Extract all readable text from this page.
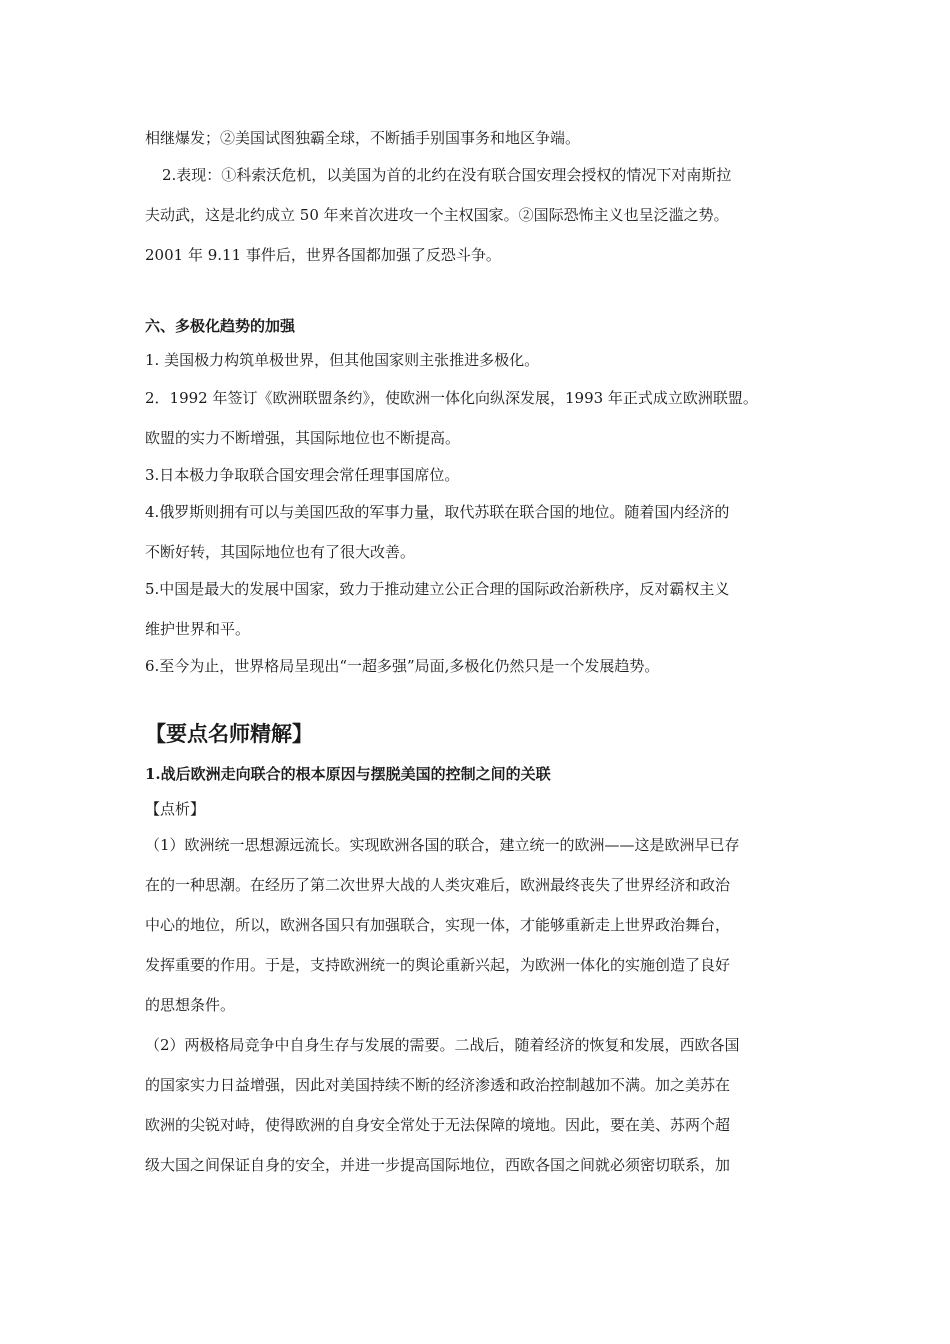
相继爆发；②美国试图独霸全球，不断插手别国事务和地区争端。
2.表现：①科索沃危机，以美国为首的北约在没有联合国安理会授权的情况下对南斯拉
夫动武，这是北约成立 50 年来首次进攻一个主权国家。②国际恐怖主义也呈泛滥之势。
2001 年 9.11 事件后，世界各国都加强了反恐斗争。
六、多极化趋势的加强
1. 美国极力构筑单极世界，但其他国家则主张推进多极化。
2．1992 年签订《欧洲联盟条约》，使欧洲一体化向纵深发展，1993 年正式成立欧洲联盟。
欧盟的实力不断增强，其国际地位也不断提高。
3.日本极力争取联合国安理会常任理事国席位。
4.俄罗斯则拥有可以与美国匹敌的军事力量，取代苏联在联合国的地位。随着国内经济的
不断好转，其国际地位也有了很大改善。
5.中国是最大的发展中国家，致力于推动建立公正合理的国际政治新秩序，反对霸权主义
维护世界和平。
6.至今为止，世界格局呈现出“一超多强”局面,多极化仍然只是一个发展趋势。
【要点名师精解】
1.战后欧洲走向联合的根本原因与摆脱美国的控制之间的关联
【点析】
（1）欧洲统一思想源远流长。实现欧洲各国的联合，建立统一的欧洲——这是欧洲早已存
在的一种思潮。在经历了第二次世界大战的人类灾难后，欧洲最终丧失了世界经济和政治
中心的地位，所以，欧洲各国只有加强联合，实现一体，才能够重新走上世界政治舞台，
发挥重要的作用。于是，支持欧洲统一的舆论重新兴起，为欧洲一体化的实施创造了良好
的思想条件。
（2）两极格局竞争中自身生存与发展的需要。二战后，随着经济的恢复和发展，西欧各国
的国家实力日益增强，因此对美国持续不断的经济渗透和政治控制越加不满。加之美苏在
欧洲的尖锐对峙，使得欧洲的自身安全常处于无法保障的境地。因此，要在美、苏两个超
级大国之间保证自身的安全，并进一步提高国际地位，西欧各国之间就必须密切联系，加
